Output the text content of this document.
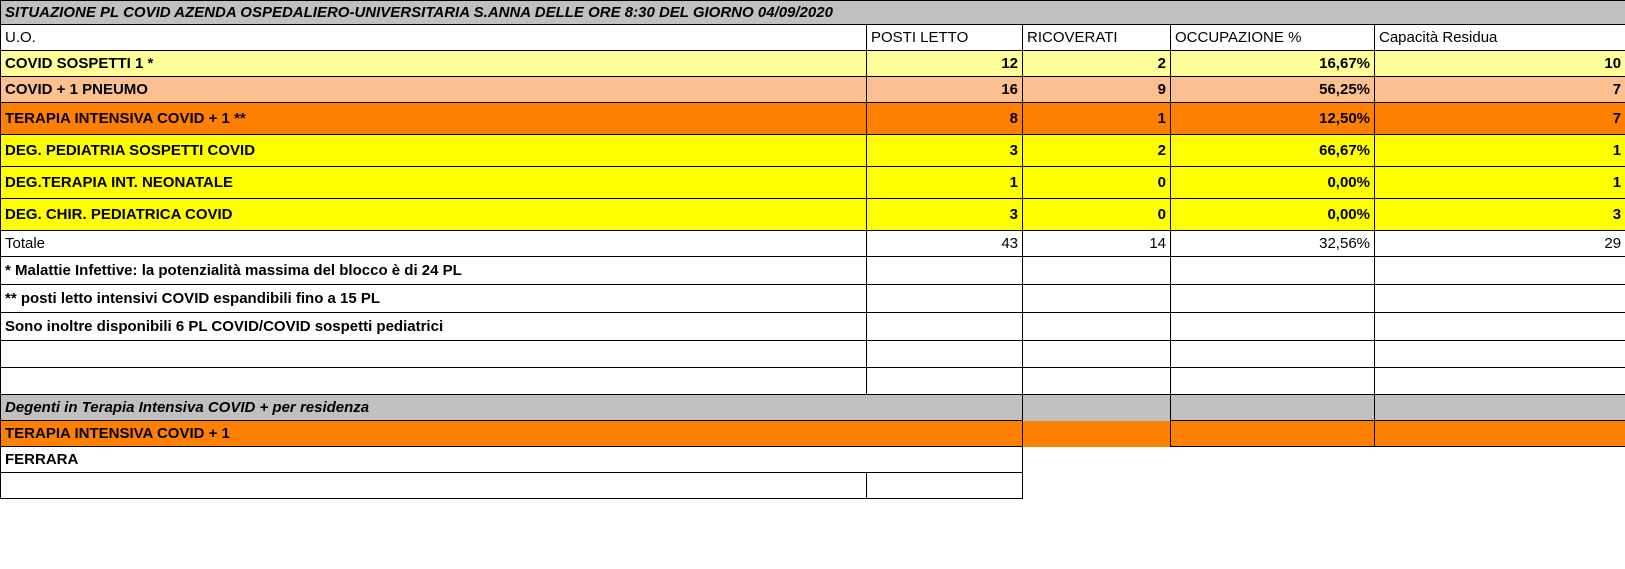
SITUAZIONE PL COVID AZENDA OSPEDALIERO-UNIVERSITARIA S.ANNA DELLE ORE 8:30 DEL GIORNO 04/09/2020				
U.O.	POSTI LETTO	RICOVERATI	OCCUPAZIONE %	Capacità Residua
COVID SOSPETTI 1 *	12	2	16,67%	10
COVID + 1 PNEUMO	16	9	56,25%	7
TERAPIA INTENSIVA COVID + 1 **	8	1	12,50%	7
DEG. PEDIATRIA SOSPETTI COVID	3	2	66,67%	1
DEG.TERAPIA INT. NEONATALE	1	0	0,00%	1
DEG. CHIR. PEDIATRICA COVID	3	0	0,00%	3
Totale	43	14	32,56%	29
* Malattie Infettive: la potenzialità massima del blocco è di 24 PL				
** posti letto intensivi COVID espandibili fino a 15 PL				
Sono inoltre disponibili 6 PL COVID/COVID sospetti pediatrici				

Degenti in Terapia Intensiva COVID + per residenza				
TERAPIA INTENSIVA COVID + 1				
FERRARA				
